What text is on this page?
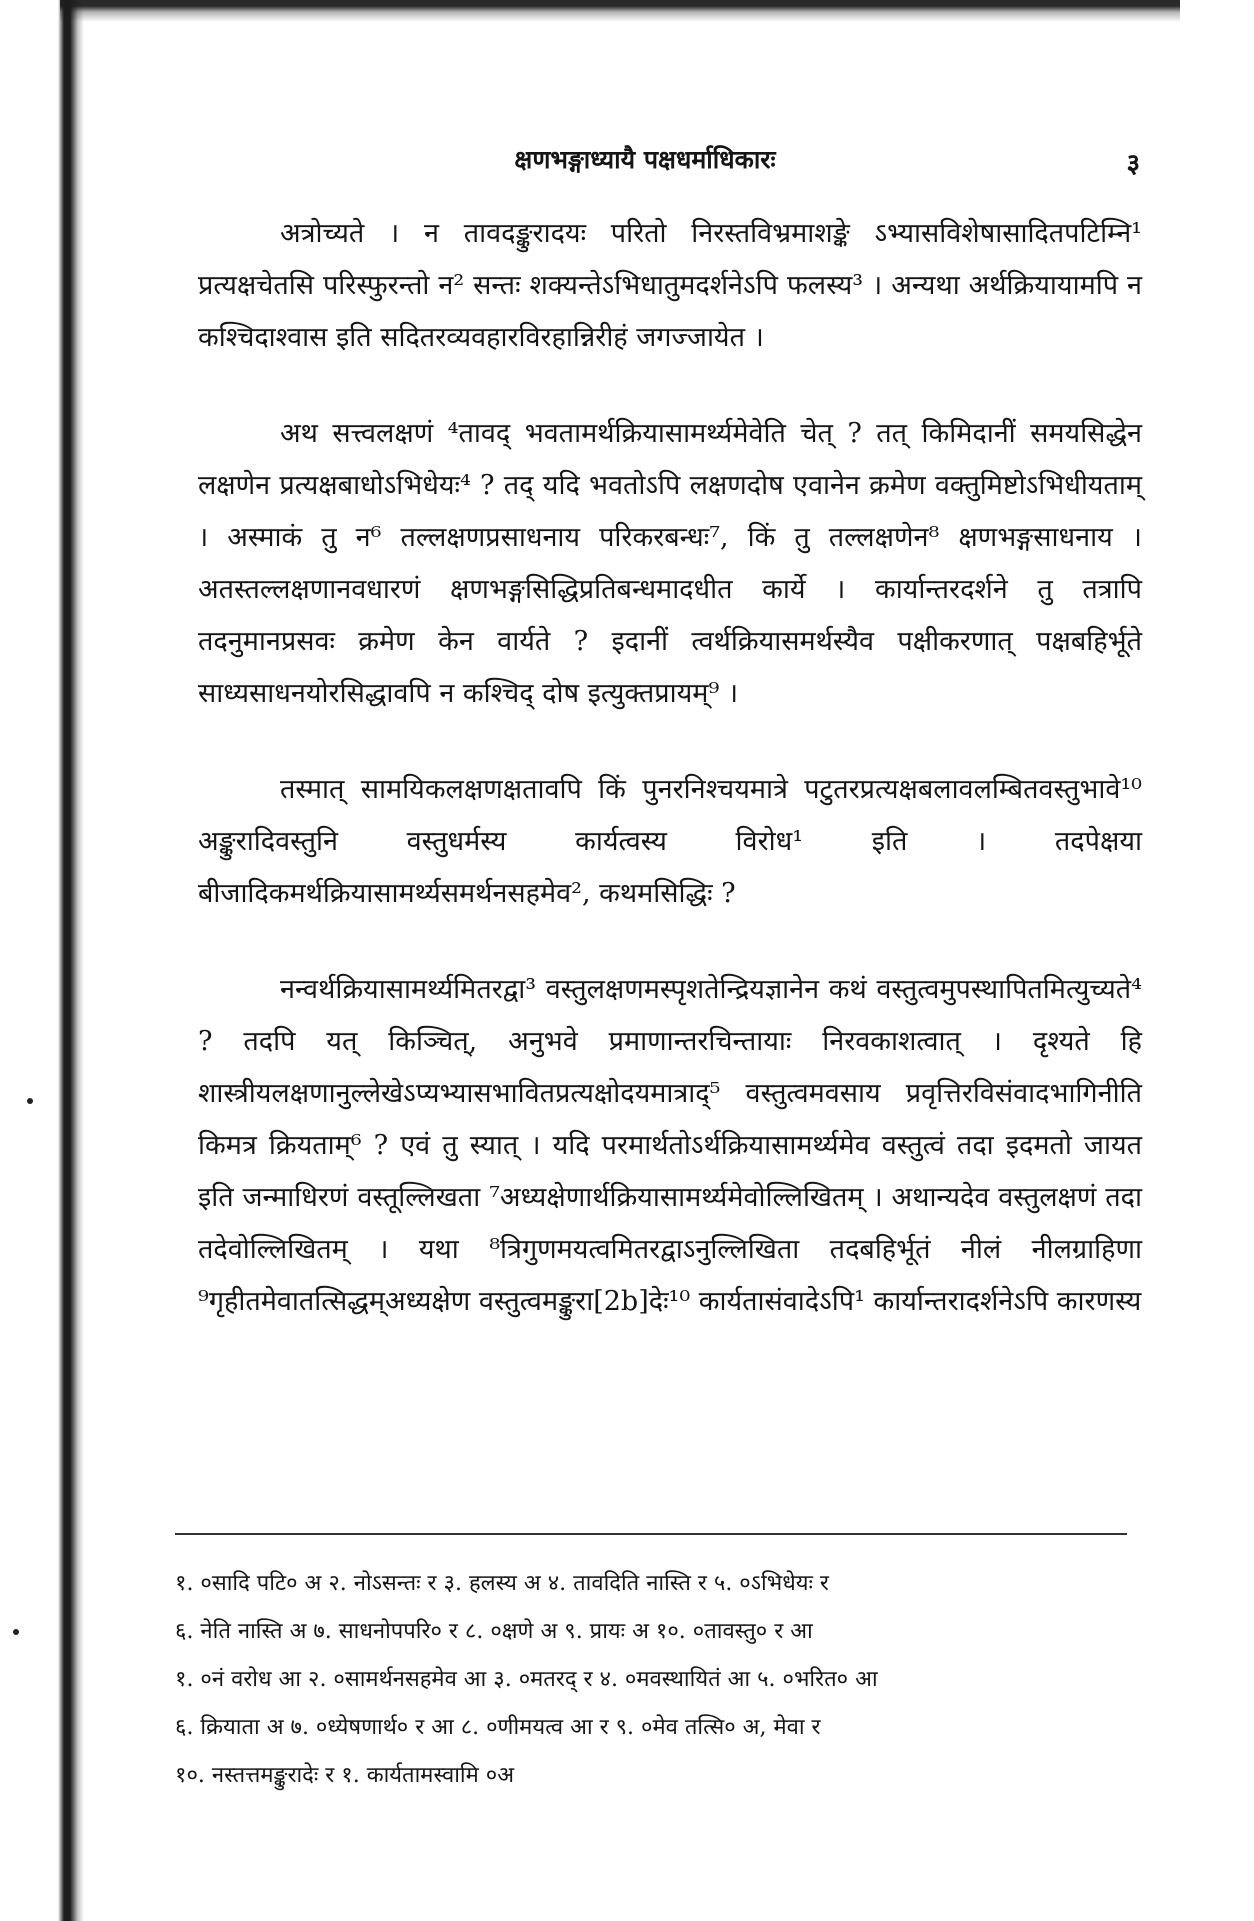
क्षणभङ्गाध्यायै पक्षधर्माधिकारः	३

अत्रोच्यते । न तावदङ्कुरादयः परितो निरस्तविभ्रमाशङ्के ऽभ्यासविशेषासादितपटिम्नि¹ प्रत्यक्षचेतसि परिस्फुरन्तो न² सन्तः शक्यन्तेऽभिधातुमदर्शनेऽपि फलस्य³ । अन्यथा अर्थक्रियायामपि न कश्चिदाश्वास इति सदितरव्यवहारविरहान्निरीहं जगज्जायेत ।

अथ सत्त्वलक्षणं ⁴तावद् भवतामर्थक्रियासामर्थ्यमेवेति चेत् ? तत् किमिदानीं समयसिद्धेन लक्षणेन प्रत्यक्षबाधोऽभिधेयः⁴ ? तद् यदि भवतोऽपि लक्षणदोष एवानेन क्रमेण वक्तुमिष्टोऽभिधीयताम् । अस्माकं तु न⁶ तल्लक्षणप्रसाधनाय परिकरबन्धः⁷, किं तु तल्लक्षणेन⁸ क्षणभङ्गसाधनाय । अतस्तल्लक्षणानवधारणं क्षणभङ्गसिद्धिप्रतिबन्धमादधीत कार्ये । कार्यान्तरदर्शने तु तत्रापि तदनुमानप्रसवः क्रमेण केन वार्यते ? इदानीं त्वर्थक्रियासमर्थस्यैव पक्षीकरणात् पक्षबहिर्भूते साध्यसाधनयोरसिद्धावपि न कश्चिद् दोष इत्युक्तप्रायम्⁹ ।

तस्मात् सामयिकलक्षणक्षतावपि किं पुनरनिश्चयमात्रे पटुतरप्रत्यक्षबलावलम्बितवस्तुभावे¹⁰ अङ्कुरादिवस्तुनि वस्तुधर्मस्य कार्यत्वस्य विरोध¹ इति । तदपेक्षया बीजादिकमर्थक्रियासामर्थ्यसमर्थनसहमेव², कथमसिद्धिः ?

नन्वर्थक्रियासामर्थ्यमितरद्वा³ वस्तुलक्षणमस्पृशतेन्द्रियज्ञानेन कथं वस्तुत्वमुपस्थापितमित्युच्यते⁴ ? तदपि यत् किञ्चित्, अनुभवे प्रमाणान्तरचिन्तायाः निरवकाशत्वात् । दृश्यते हि शास्त्रीयलक्षणानुल्लेखेऽप्यभ्यासभावितप्रत्यक्षोदयमात्राद्⁵ वस्तुत्वमवसाय प्रवृत्तिरविसंवादभागिनीति किमत्र क्रियताम्⁶ ? एवं तु स्यात् । यदि परमार्थतोऽर्थक्रियासामर्थ्यमेव वस्तुत्वं तदा इदमतो जायत इति जन्माधिरणं वस्तूल्लिखता ⁷अध्यक्षेणार्थक्रियासामर्थ्यमेवोल्लिखितम् । अथान्यदेव वस्तुलक्षणं तदा तदेवोल्लिखितम् । यथा ⁸त्रिगुणमयत्वमितरद्वाऽनुल्लिखिता तदबहिर्भूतं नीलं नीलग्राहिणा ⁹गृहीतमेवातत्सिद्धम्अध्यक्षेण वस्तुत्वमङ्कुरा[2b]देः¹⁰ कार्यतासंवादेऽपि¹ कार्यान्तरादर्शनेऽपि कारणस्य

१. ०सादि पटि० अ २. नोऽसन्तः र ३. हलस्य अ ४. तावदिति नास्ति र ५. ०ऽभिधेयः र
६. नेति नास्ति अ ७. साधनोपपरि० र ८. ०क्षणे अ ९. प्रायः अ १०. ०तावस्तु० र आ
१. ०नं वरोध आ २. ०सामर्थनसहमेव आ ३. ०मतरद् र ४. ०मवस्थायितं आ ५. ०भरित० आ
६. क्रियाता अ ७. ०ध्येषणार्थ० र आ ८. ०णीमयत्व आ र ९. ०मेव तत्सि० अ, मेवा र
१०. नस्तत्तमङ्कुरादेः र १. कार्यतामस्वामि ०अ
